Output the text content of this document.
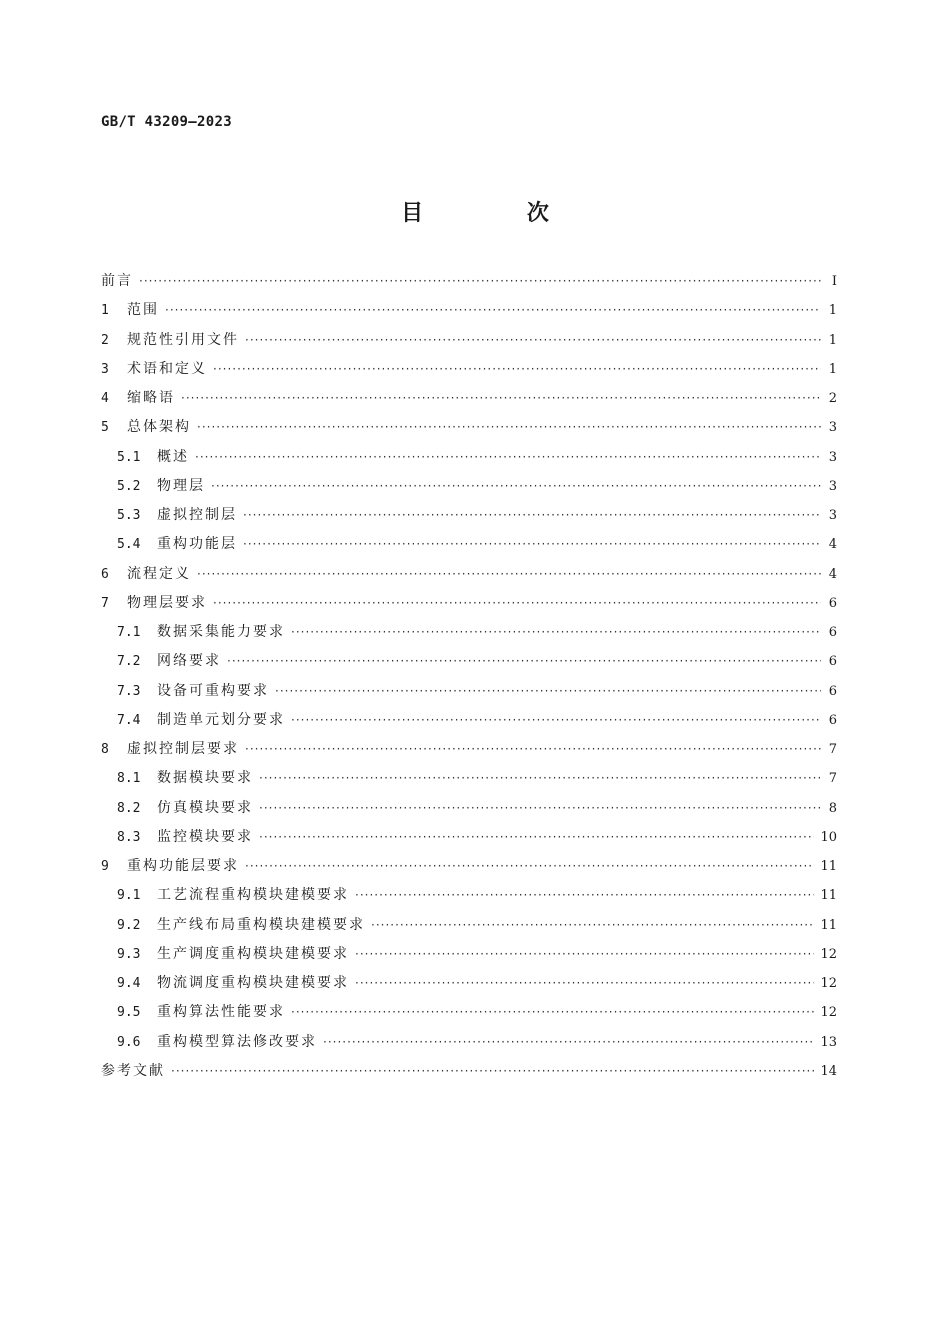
GB/T 43209—2023
目 次
前言 ·····	Ⅰ
1	范围 ·····	1
2	规范性引用文件 ·····	1
3	术语和定义 ·····	1
4	缩略语 ·····	2
5	总体架构 ·····	3
5.1	概述 ·····	3
5.2	物理层 ·····	3
5.3	虚拟控制层 ·····	3
5.4	重构功能层 ·····	4
6	流程定义 ·····	4
7	物理层要求 ·····	6
7.1	数据采集能力要求 ·····	6
7.2	网络要求 ·····	6
7.3	设备可重构要求 ·····	6
7.4	制造单元划分要求 ·····	6
8	虚拟控制层要求 ·····	7
8.1	数据模块要求 ·····	7
8.2	仿真模块要求 ·····	8
8.3	监控模块要求 ·····	10
9	重构功能层要求 ·····	11
9.1	工艺流程重构模块建模要求 ·····	11
9.2	生产线布局重构模块建模要求 ·····	11
9.3	生产调度重构模块建模要求 ·····	12
9.4	物流调度重构模块建模要求 ·····	12
9.5	重构算法性能要求 ·····	12
9.6	重构模型算法修改要求 ·····	13
参考文献 ·····	14
